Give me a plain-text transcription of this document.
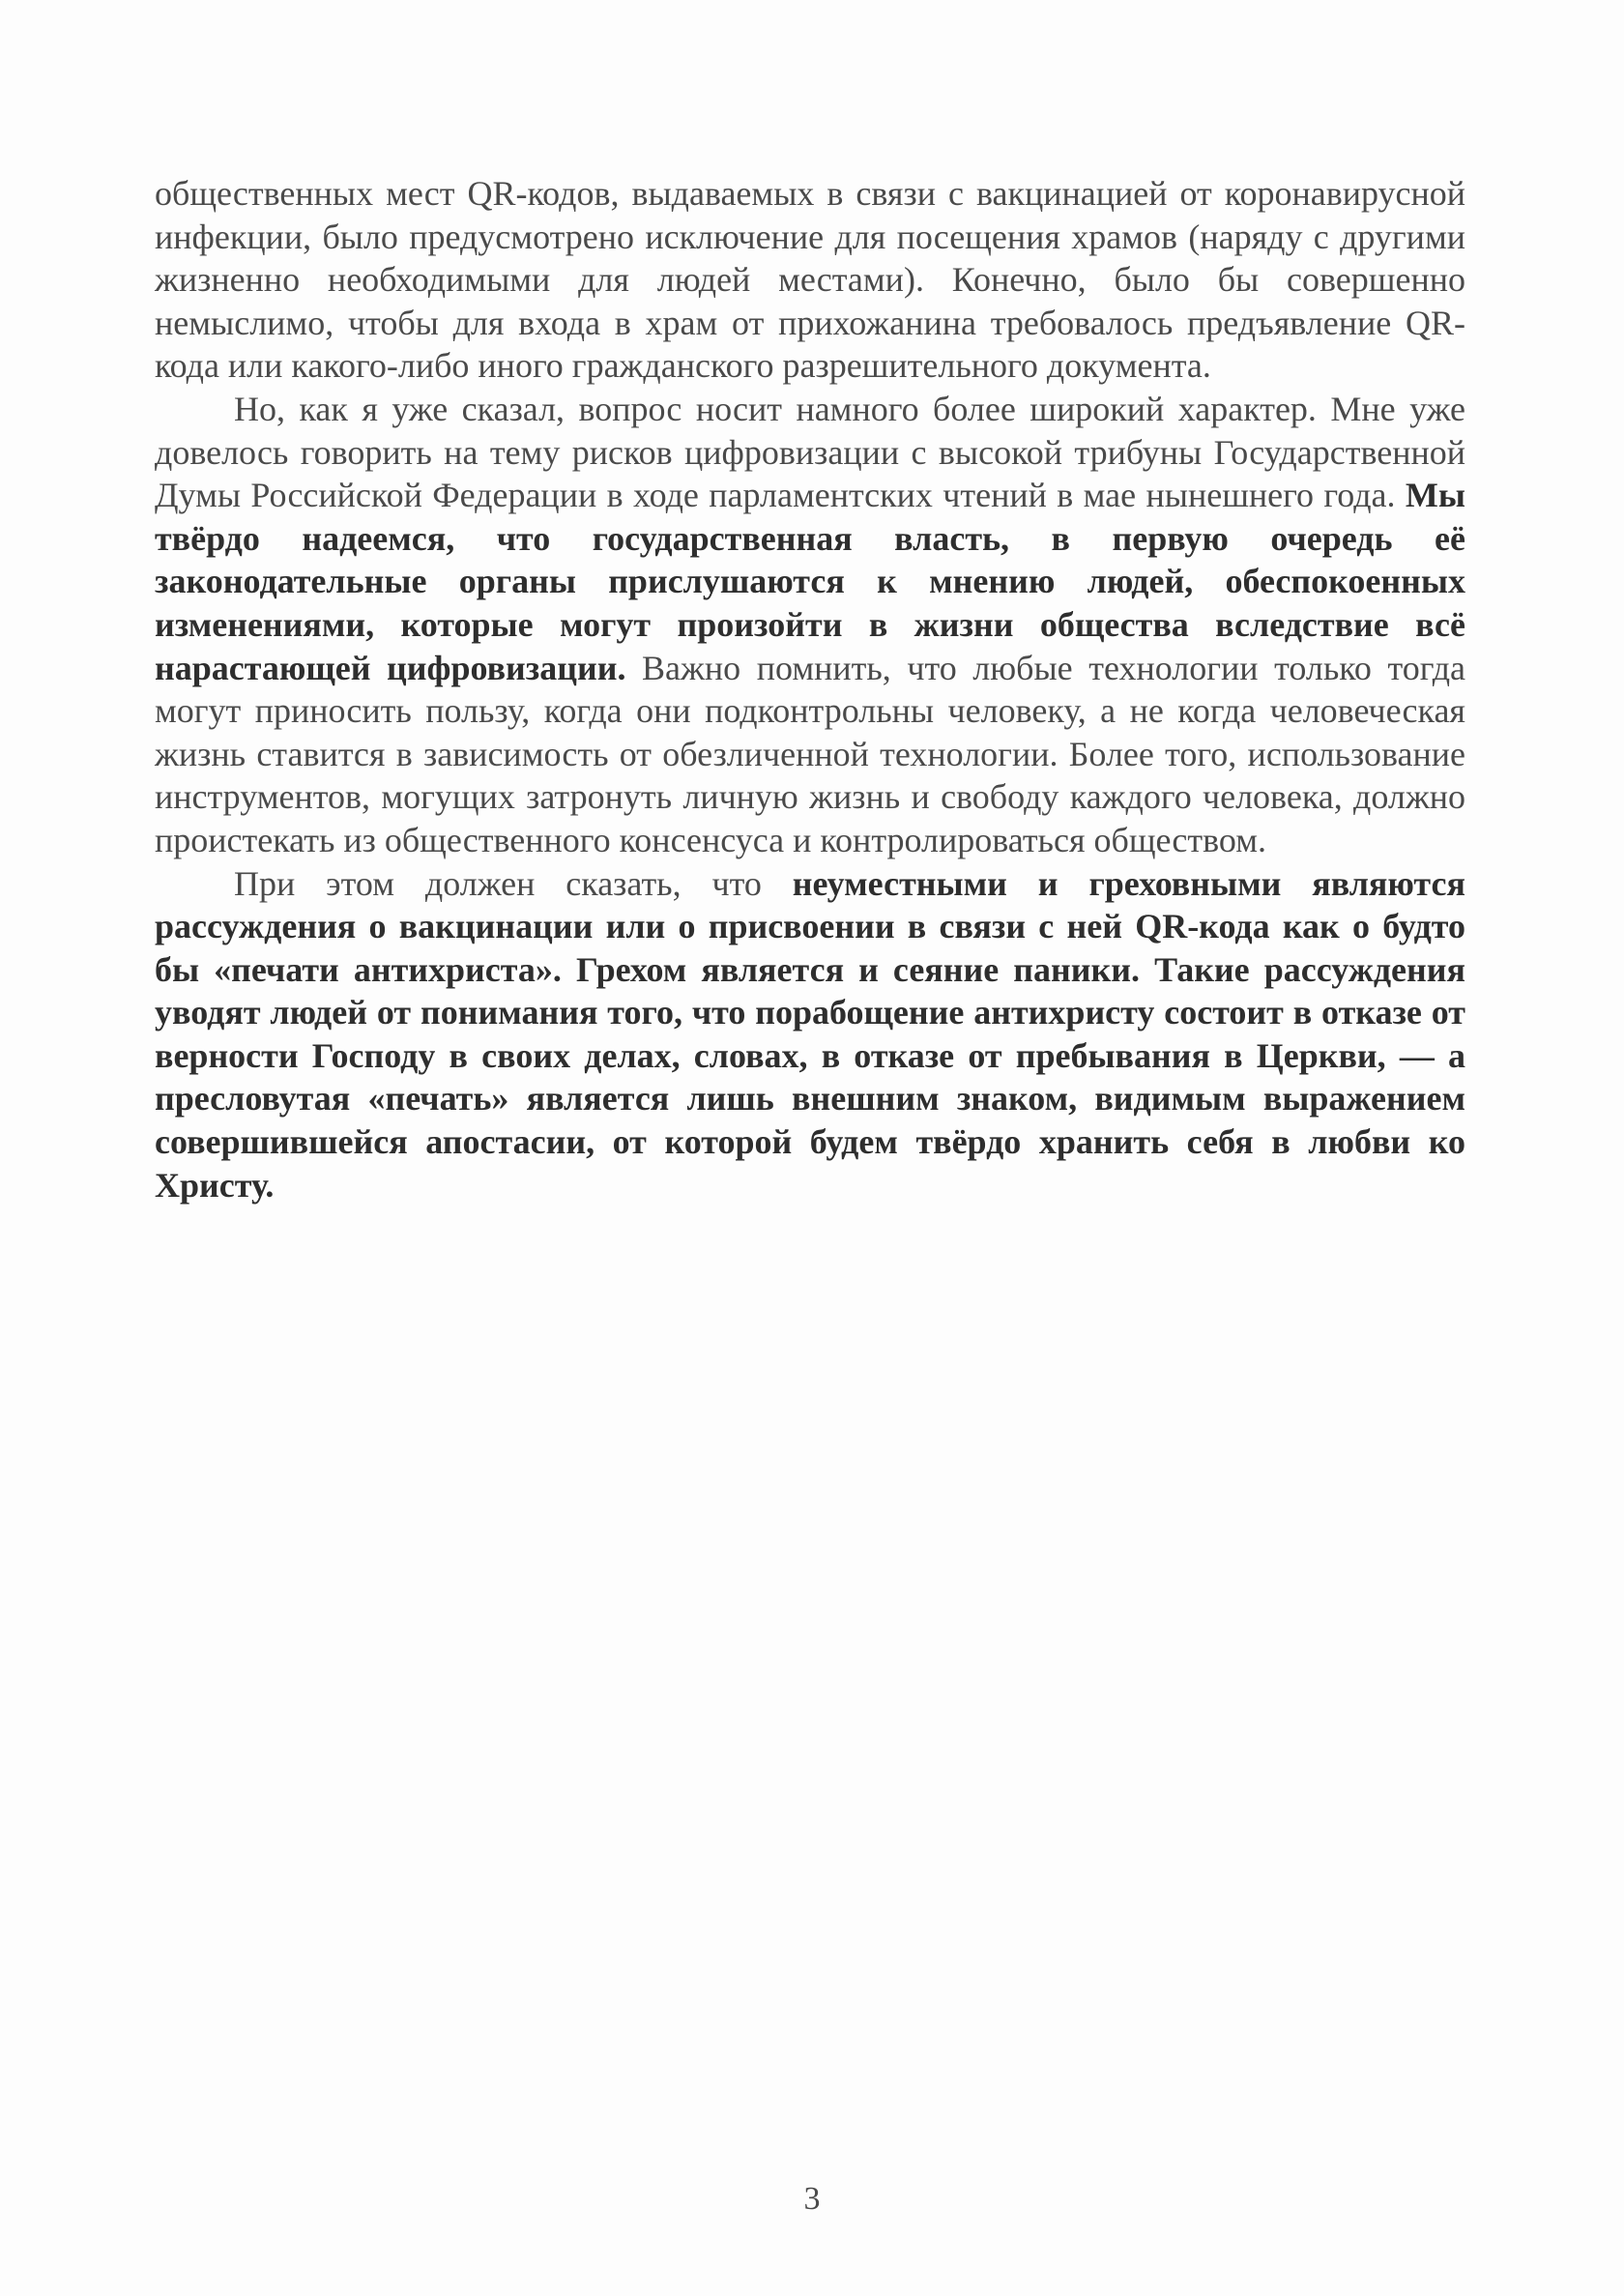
общественных мест QR-кодов, выдаваемых в связи с вакцинацией от коронавирусной инфекции, было предусмотрено исключение для посещения храмов (наряду с другими жизненно необходимыми для людей местами). Конечно, было бы совершенно немыслимо, чтобы для входа в храм от прихожанина требовалось предъявление QR-кода или какого-либо иного гражданского разрешительного документа.

Но, как я уже сказал, вопрос носит намного более широкий характер. Мне уже довелось говорить на тему рисков цифровизации с высокой трибуны Государственной Думы Российской Федерации в ходе парламентских чтений в мае нынешнего года. Мы твёрдо надеемся, что государственная власть, в первую очередь её законодательные органы прислушаются к мнению людей, обеспокоенных изменениями, которые могут произойти в жизни общества вследствие всё нарастающей цифровизации. Важно помнить, что любые технологии только тогда могут приносить пользу, когда они подконтрольны человеку, а не когда человеческая жизнь ставится в зависимость от обезличенной технологии. Более того, использование инструментов, могущих затронуть личную жизнь и свободу каждого человека, должно проистекать из общественного консенсуса и контролироваться обществом.

При этом должен сказать, что неуместными и греховными являются рассуждения о вакцинации или о присвоении в связи с ней QR-кода как о будто бы «печати антихриста». Грехом является и сеяние паники. Такие рассуждения уводят людей от понимания того, что порабощение антихристу состоит в отказе от верности Господу в своих делах, словах, в отказе от пребывания в Церкви, — а пресловутая «печать» является лишь внешним знаком, видимым выражением совершившейся апостасии, от которой будем твёрдо хранить себя в любви ко Христу.

3
